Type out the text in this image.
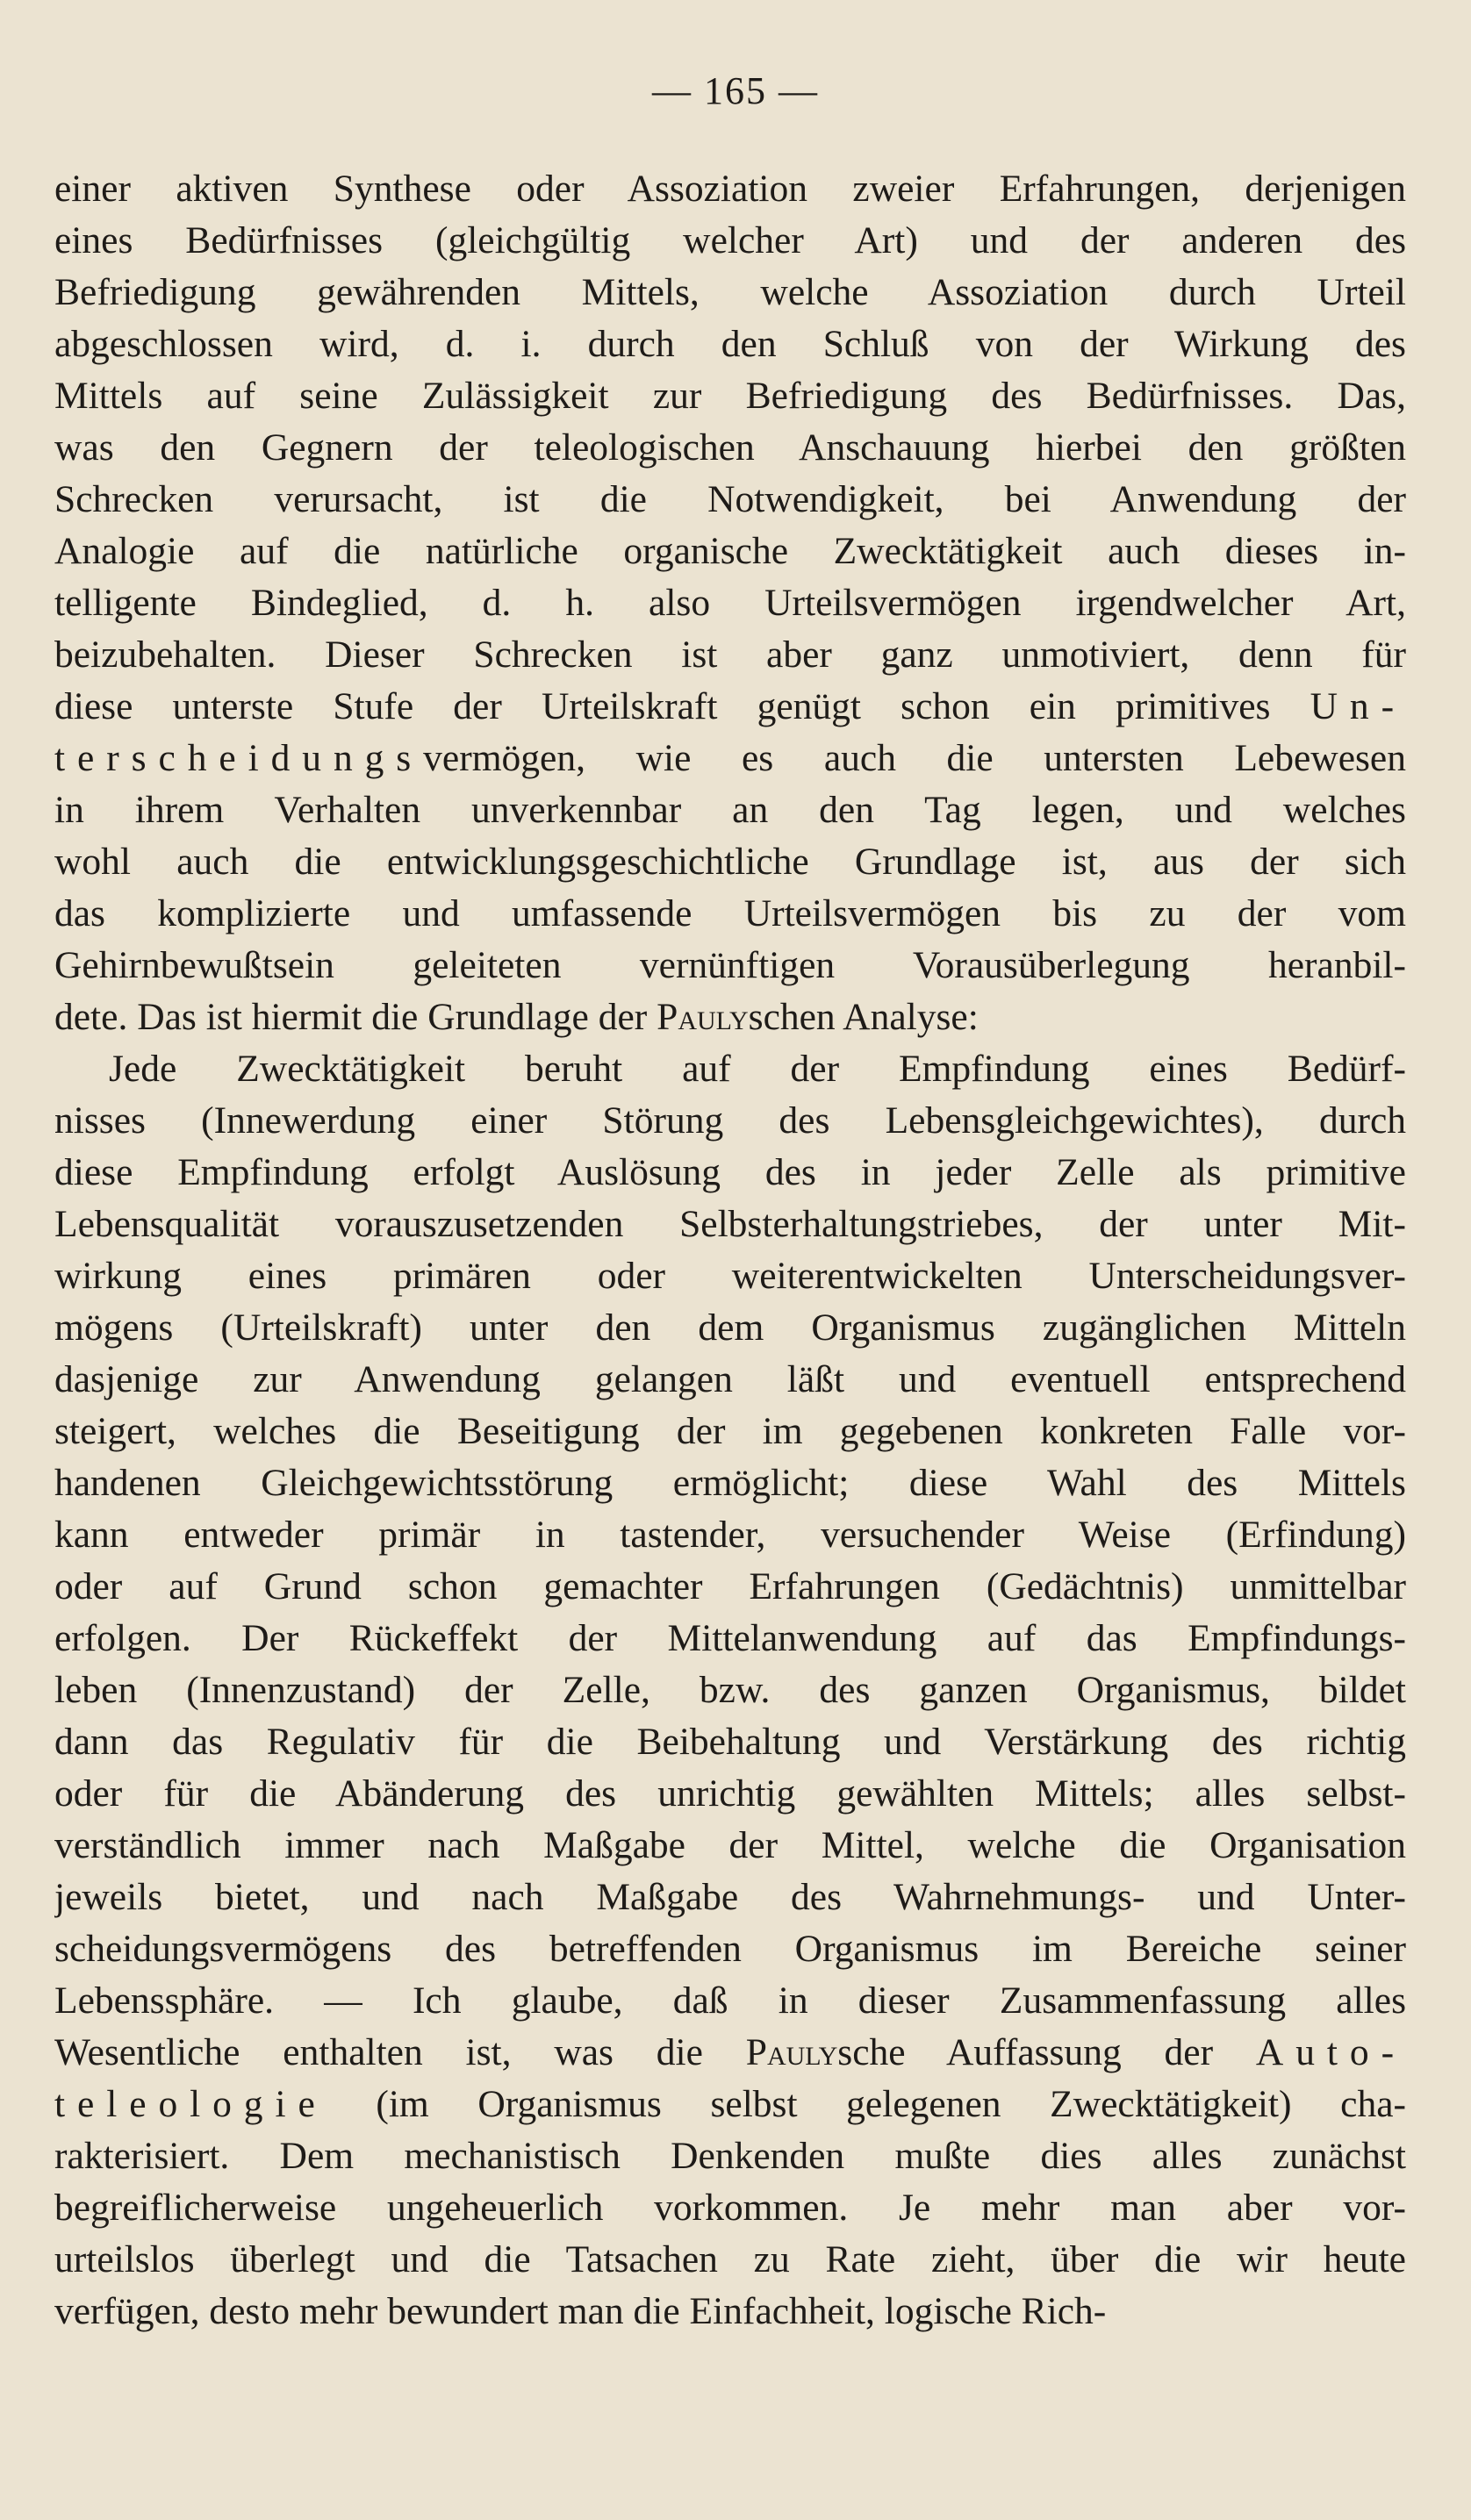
— 165 —
einer aktiven Synthese oder Assoziation zweier Erfahrungen, derjenigen
eines Bedürfnisses (gleichgültig welcher Art) und der anderen des
Befriedigung gewährenden Mittels, welche Assoziation durch Urteil
abgeschlossen wird, d. i. durch den Schluß von der Wirkung des
Mittels auf seine Zulässigkeit zur Befriedigung des Bedürfnisses. Das,
was den Gegnern der teleologischen Anschauung hierbei den größten
Schrecken verursacht, ist die Notwendigkeit, bei Anwendung der
Analogie auf die natürliche organische Zwecktätigkeit auch dieses in-
telligente Bindeglied, d. h. also Urteilsvermögen irgendwelcher Art,
beizubehalten. Dieser Schrecken ist aber ganz unmotiviert, denn für
diese unterste Stufe der Urteilskraft genügt schon ein primitives Un-
terscheidungsvermögen, wie es auch die untersten Lebewesen
in ihrem Verhalten unverkennbar an den Tag legen, und welches
wohl auch die entwicklungsgeschichtliche Grundlage ist, aus der sich
das komplizierte und umfassende Urteilsvermögen bis zu der vom
Gehirnbewußtsein geleiteten vernünftigen Vorausüberlegung heranbil-
dete. Das ist hiermit die Grundlage der Paulyschen Analyse:
Jede Zwecktätigkeit beruht auf der Empfindung eines Bedürf-
nisses (Innewerdung einer Störung des Lebensgleichgewichtes), durch
diese Empfindung erfolgt Auslösung des in jeder Zelle als primitive
Lebensqualität vorauszusetzenden Selbsterhaltungstriebes, der unter Mit-
wirkung eines primären oder weiterentwickelten Unterscheidungsver-
mögens (Urteilskraft) unter den dem Organismus zugänglichen Mitteln
dasjenige zur Anwendung gelangen läßt und eventuell entsprechend
steigert, welches die Beseitigung der im gegebenen konkreten Falle vor-
handenen Gleichgewichtsstörung ermöglicht; diese Wahl des Mittels
kann entweder primär in tastender, versuchender Weise (Erfindung)
oder auf Grund schon gemachter Erfahrungen (Gedächtnis) unmittelbar
erfolgen. Der Rückeffekt der Mittelanwendung auf das Empfindungs-
leben (Innenzustand) der Zelle, bzw. des ganzen Organismus, bildet
dann das Regulativ für die Beibehaltung und Verstärkung des richtig
oder für die Abänderung des unrichtig gewählten Mittels; alles selbst-
verständlich immer nach Maßgabe der Mittel, welche die Organisation
jeweils bietet, und nach Maßgabe des Wahrnehmungs- und Unter-
scheidungsvermögens des betreffenden Organismus im Bereiche seiner
Lebenssphäre. — Ich glaube, daß in dieser Zusammenfassung alles
Wesentliche enthalten ist, was die Paulysche Auffassung der Auto-
teleologie (im Organismus selbst gelegenen Zwecktätigkeit) cha-
rakterisiert. Dem mechanistisch Denkenden mußte dies alles zunächst
begreiflicherweise ungeheuerlich vorkommen. Je mehr man aber vor-
urteilslos überlegt und die Tatsachen zu Rate zieht, über die wir heute
verfügen, desto mehr bewundert man die Einfachheit, logische Rich-
